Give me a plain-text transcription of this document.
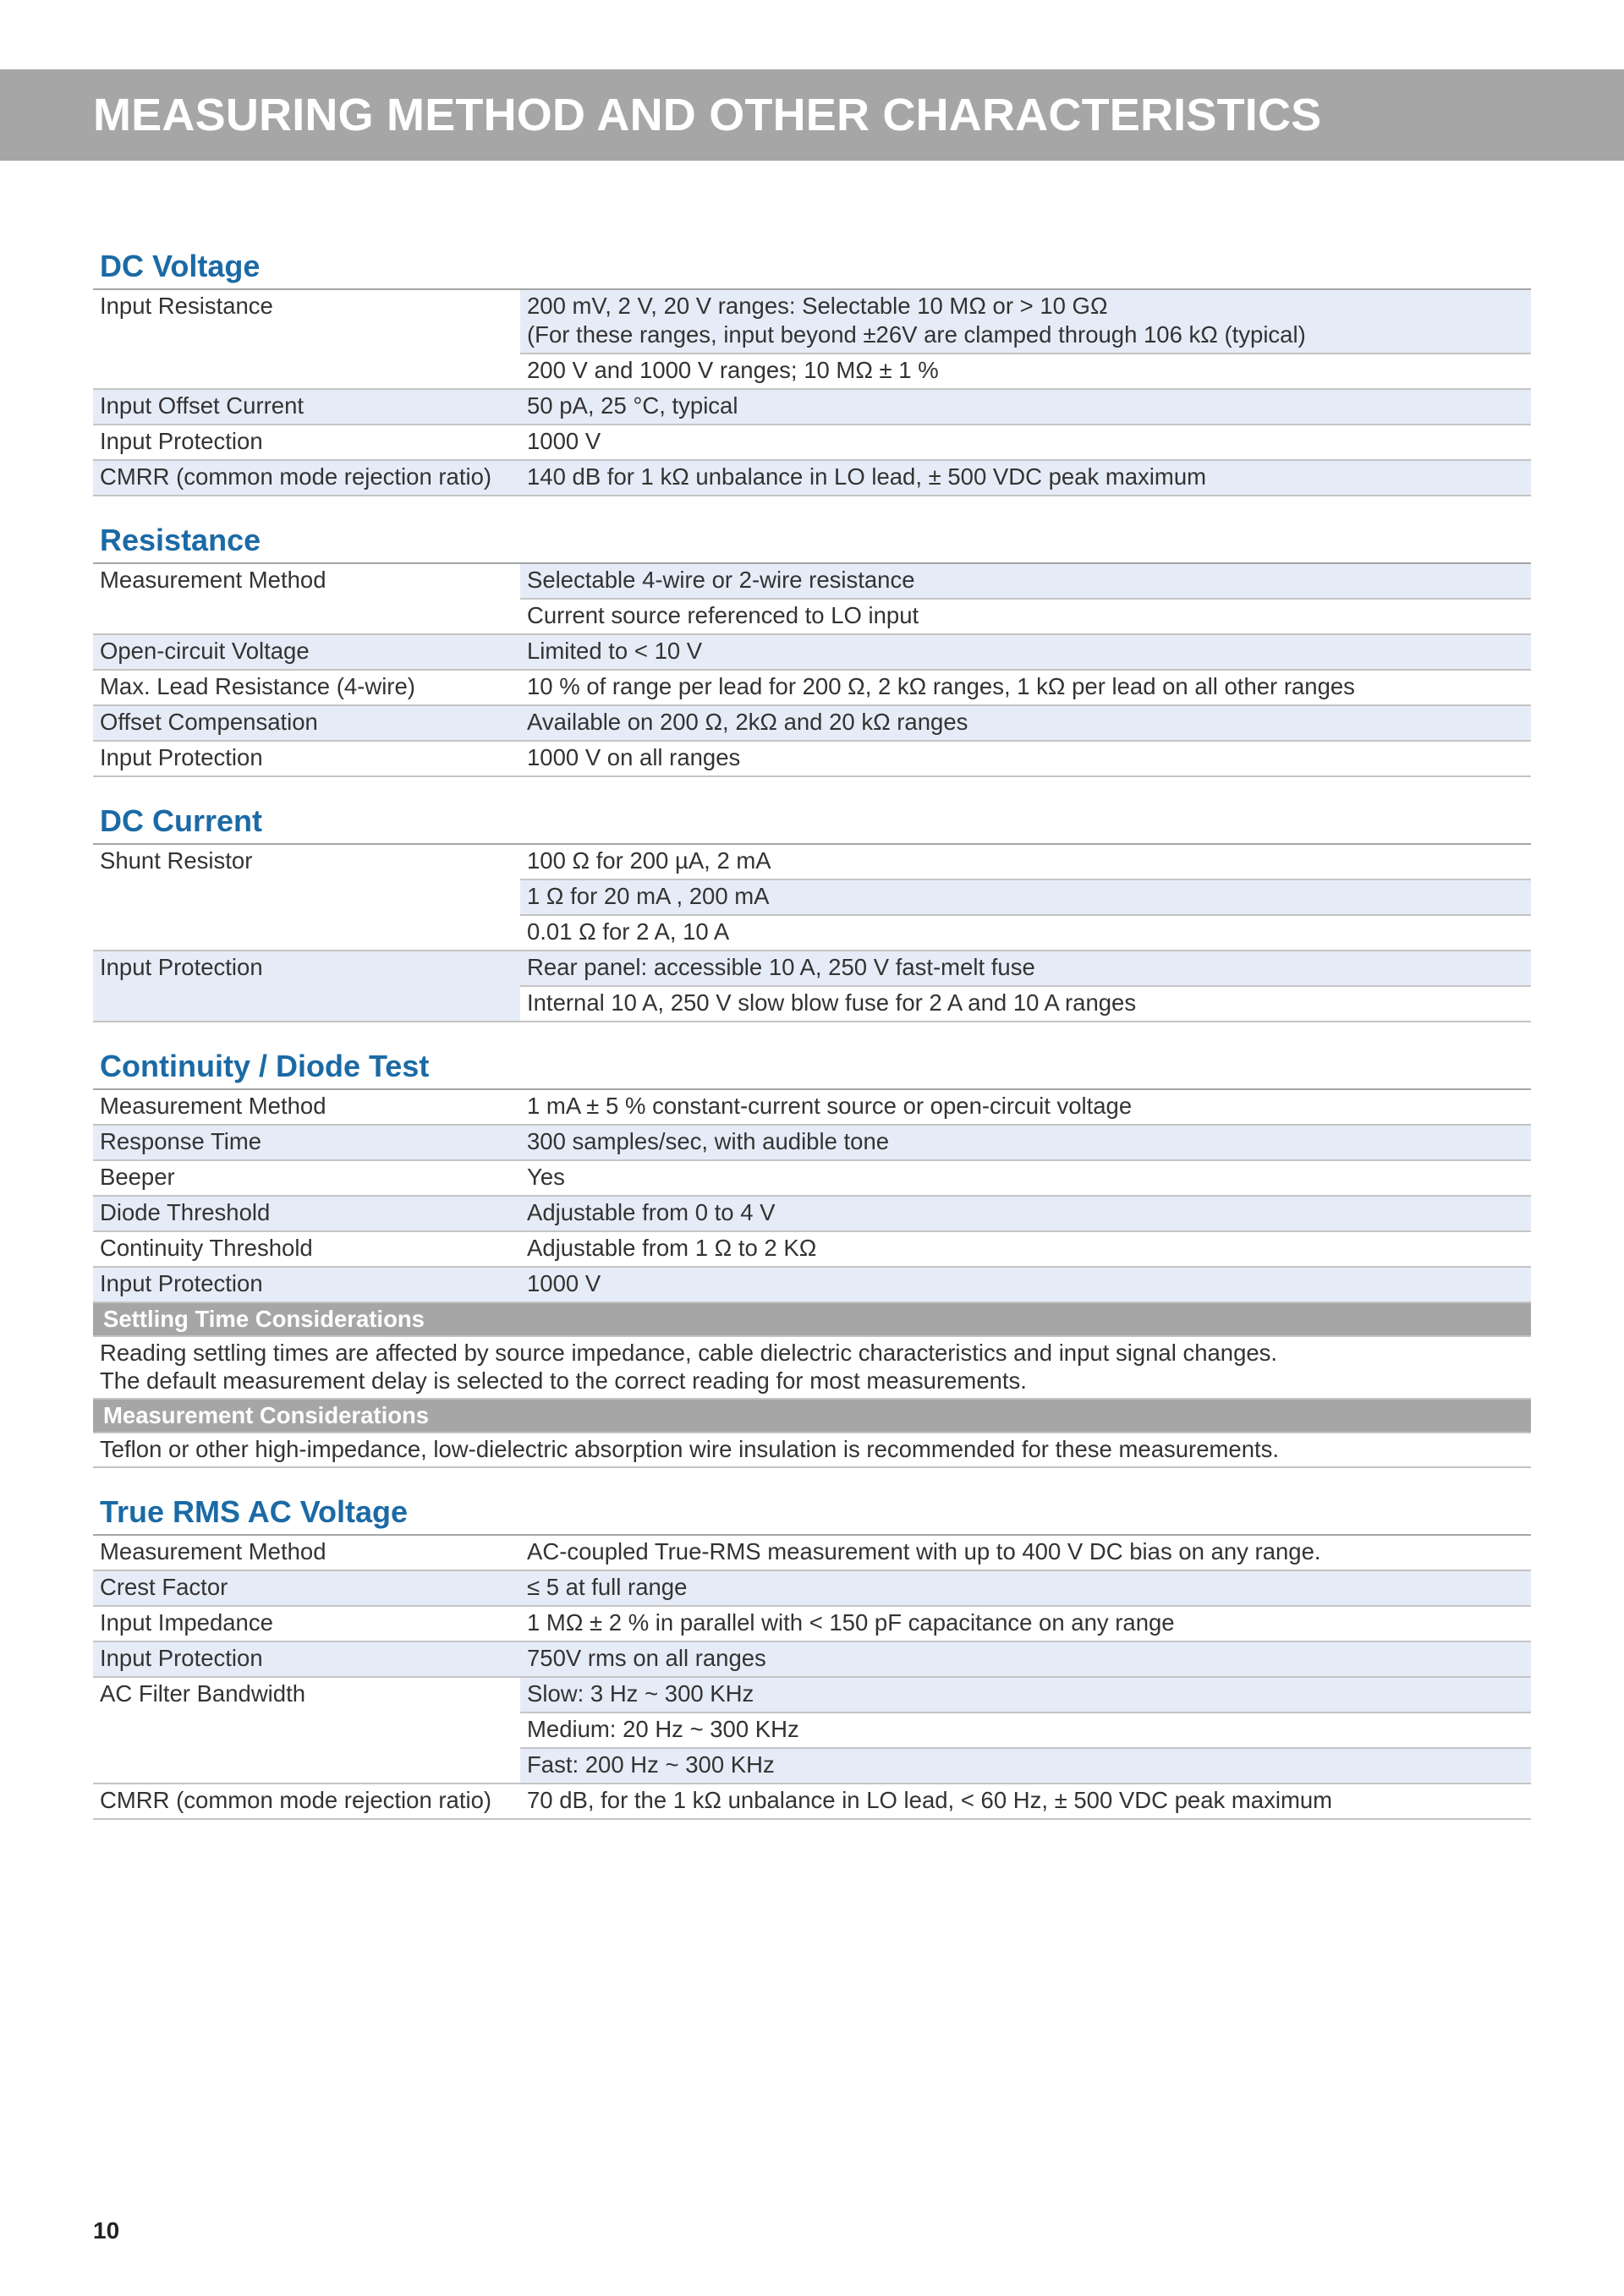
MEASURING METHOD AND OTHER CHARACTERISTICS
DC Voltage
Input Resistance	200 mV, 2 V, 20 V ranges: Selectable 10 MΩ or > 10 GΩ
(For these ranges, input beyond ±26V are clamped through 106 kΩ (typical)
	200 V and 1000 V ranges; 10 MΩ ± 1 %
Input Offset Current	50 pA, 25 °C, typical
Input Protection	1000 V
CMRR (common mode rejection ratio)	140 dB for 1 kΩ unbalance in LO lead, ± 500 VDC peak maximum
Resistance
Measurement Method	Selectable 4-wire or 2-wire resistance
	Current source referenced to LO input
Open-circuit Voltage	Limited to < 10 V
Max. Lead Resistance (4-wire)	10 % of range per lead for 200 Ω, 2 kΩ ranges, 1 kΩ per lead on all other ranges
Offset Compensation	Available on 200 Ω, 2kΩ and 20 kΩ ranges
Input Protection	1000 V on all ranges
DC Current
Shunt Resistor	100 Ω for 200 µA, 2 mA
	1 Ω for 20 mA , 200 mA
	0.01 Ω for 2 A, 10 A
Input Protection	Rear panel: accessible 10 A, 250 V fast-melt fuse
	Internal 10 A, 250 V slow blow fuse for 2 A and 10 A ranges
Continuity / Diode Test
Measurement Method	1 mA ± 5 % constant-current source or open-circuit voltage
Response Time	300 samples/sec, with audible tone
Beeper	Yes
Diode Threshold	Adjustable from 0 to 4 V
Continuity Threshold	Adjustable from 1 Ω to 2 KΩ
Input Protection	1000 V
Settling Time Considerations	
Reading settling times are affected by source impedance, cable dielectric characteristics and input signal changes.
The default measurement delay is selected to the correct reading for most measurements.	
Measurement Considerations	
Teflon or other high-impedance, low-dielectric absorption wire insulation is recommended for these measurements.	
True RMS AC Voltage
Measurement Method	AC-coupled True-RMS measurement with up to 400 V DC bias on any range.
Crest Factor	≤ 5 at full range
Input Impedance	1 MΩ ± 2 % in parallel with < 150 pF capacitance on any range
Input Protection	750V rms on all ranges
AC Filter Bandwidth	Slow: 3 Hz ~ 300 KHz
	Medium: 20 Hz ~ 300 KHz
	Fast: 200 Hz ~ 300 KHz
CMRR (common mode rejection ratio)	70 dB, for the 1 kΩ unbalance in LO lead, < 60 Hz, ± 500 VDC peak maximum
10
